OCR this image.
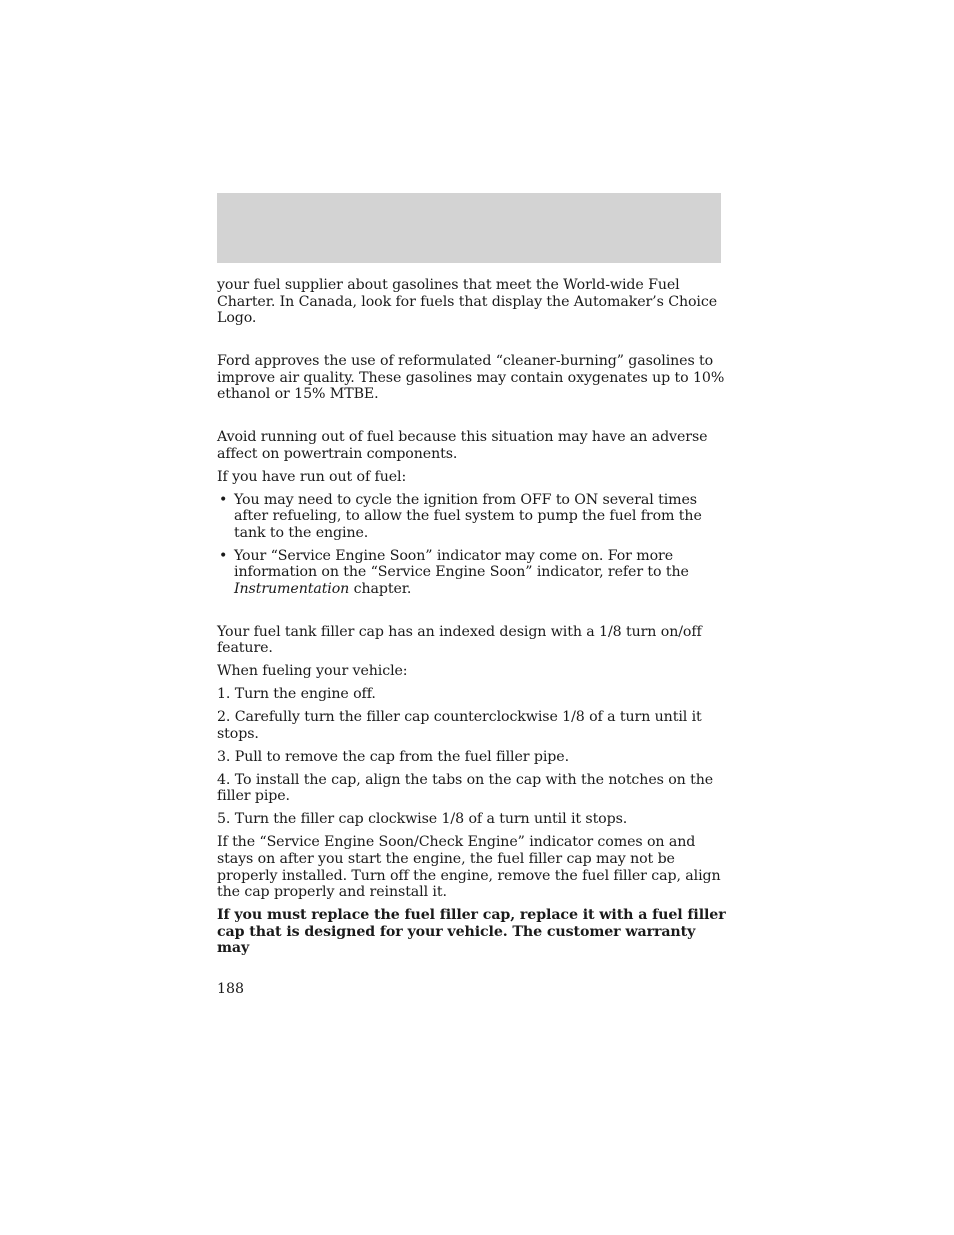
your fuel supplier about gasolines that meet the World-wide Fuel Charter. In Canada, look for fuels that display the Automaker’s Choice Logo.

Ford approves the use of reformulated “cleaner-burning” gasolines to improve air quality. These gasolines may contain oxygenates up to 10% ethanol or 15% MTBE.

Avoid running out of fuel because this situation may have an adverse affect on powertrain components.

If you have run out of fuel:

• You may need to cycle the ignition from OFF to ON several times after refueling, to allow the fuel system to pump the fuel from the tank to the engine.
• Your “Service Engine Soon” indicator may come on. For more information on the “Service Engine Soon” indicator, refer to the Instrumentation chapter.

Your fuel tank filler cap has an indexed design with a 1/8 turn on/off feature.

When fueling your vehicle:

1. Turn the engine off.

2. Carefully turn the filler cap counterclockwise 1/8 of a turn until it stops.

3. Pull to remove the cap from the fuel filler pipe.

4. To install the cap, align the tabs on the cap with the notches on the filler pipe.

5. Turn the filler cap clockwise 1/8 of a turn until it stops.

If the “Service Engine Soon/Check Engine” indicator comes on and stays on after you start the engine, the fuel filler cap may not be properly installed. Turn off the engine, remove the fuel filler cap, align the cap properly and reinstall it.

If you must replace the fuel filler cap, replace it with a fuel filler cap that is designed for your vehicle. The customer warranty may

188
